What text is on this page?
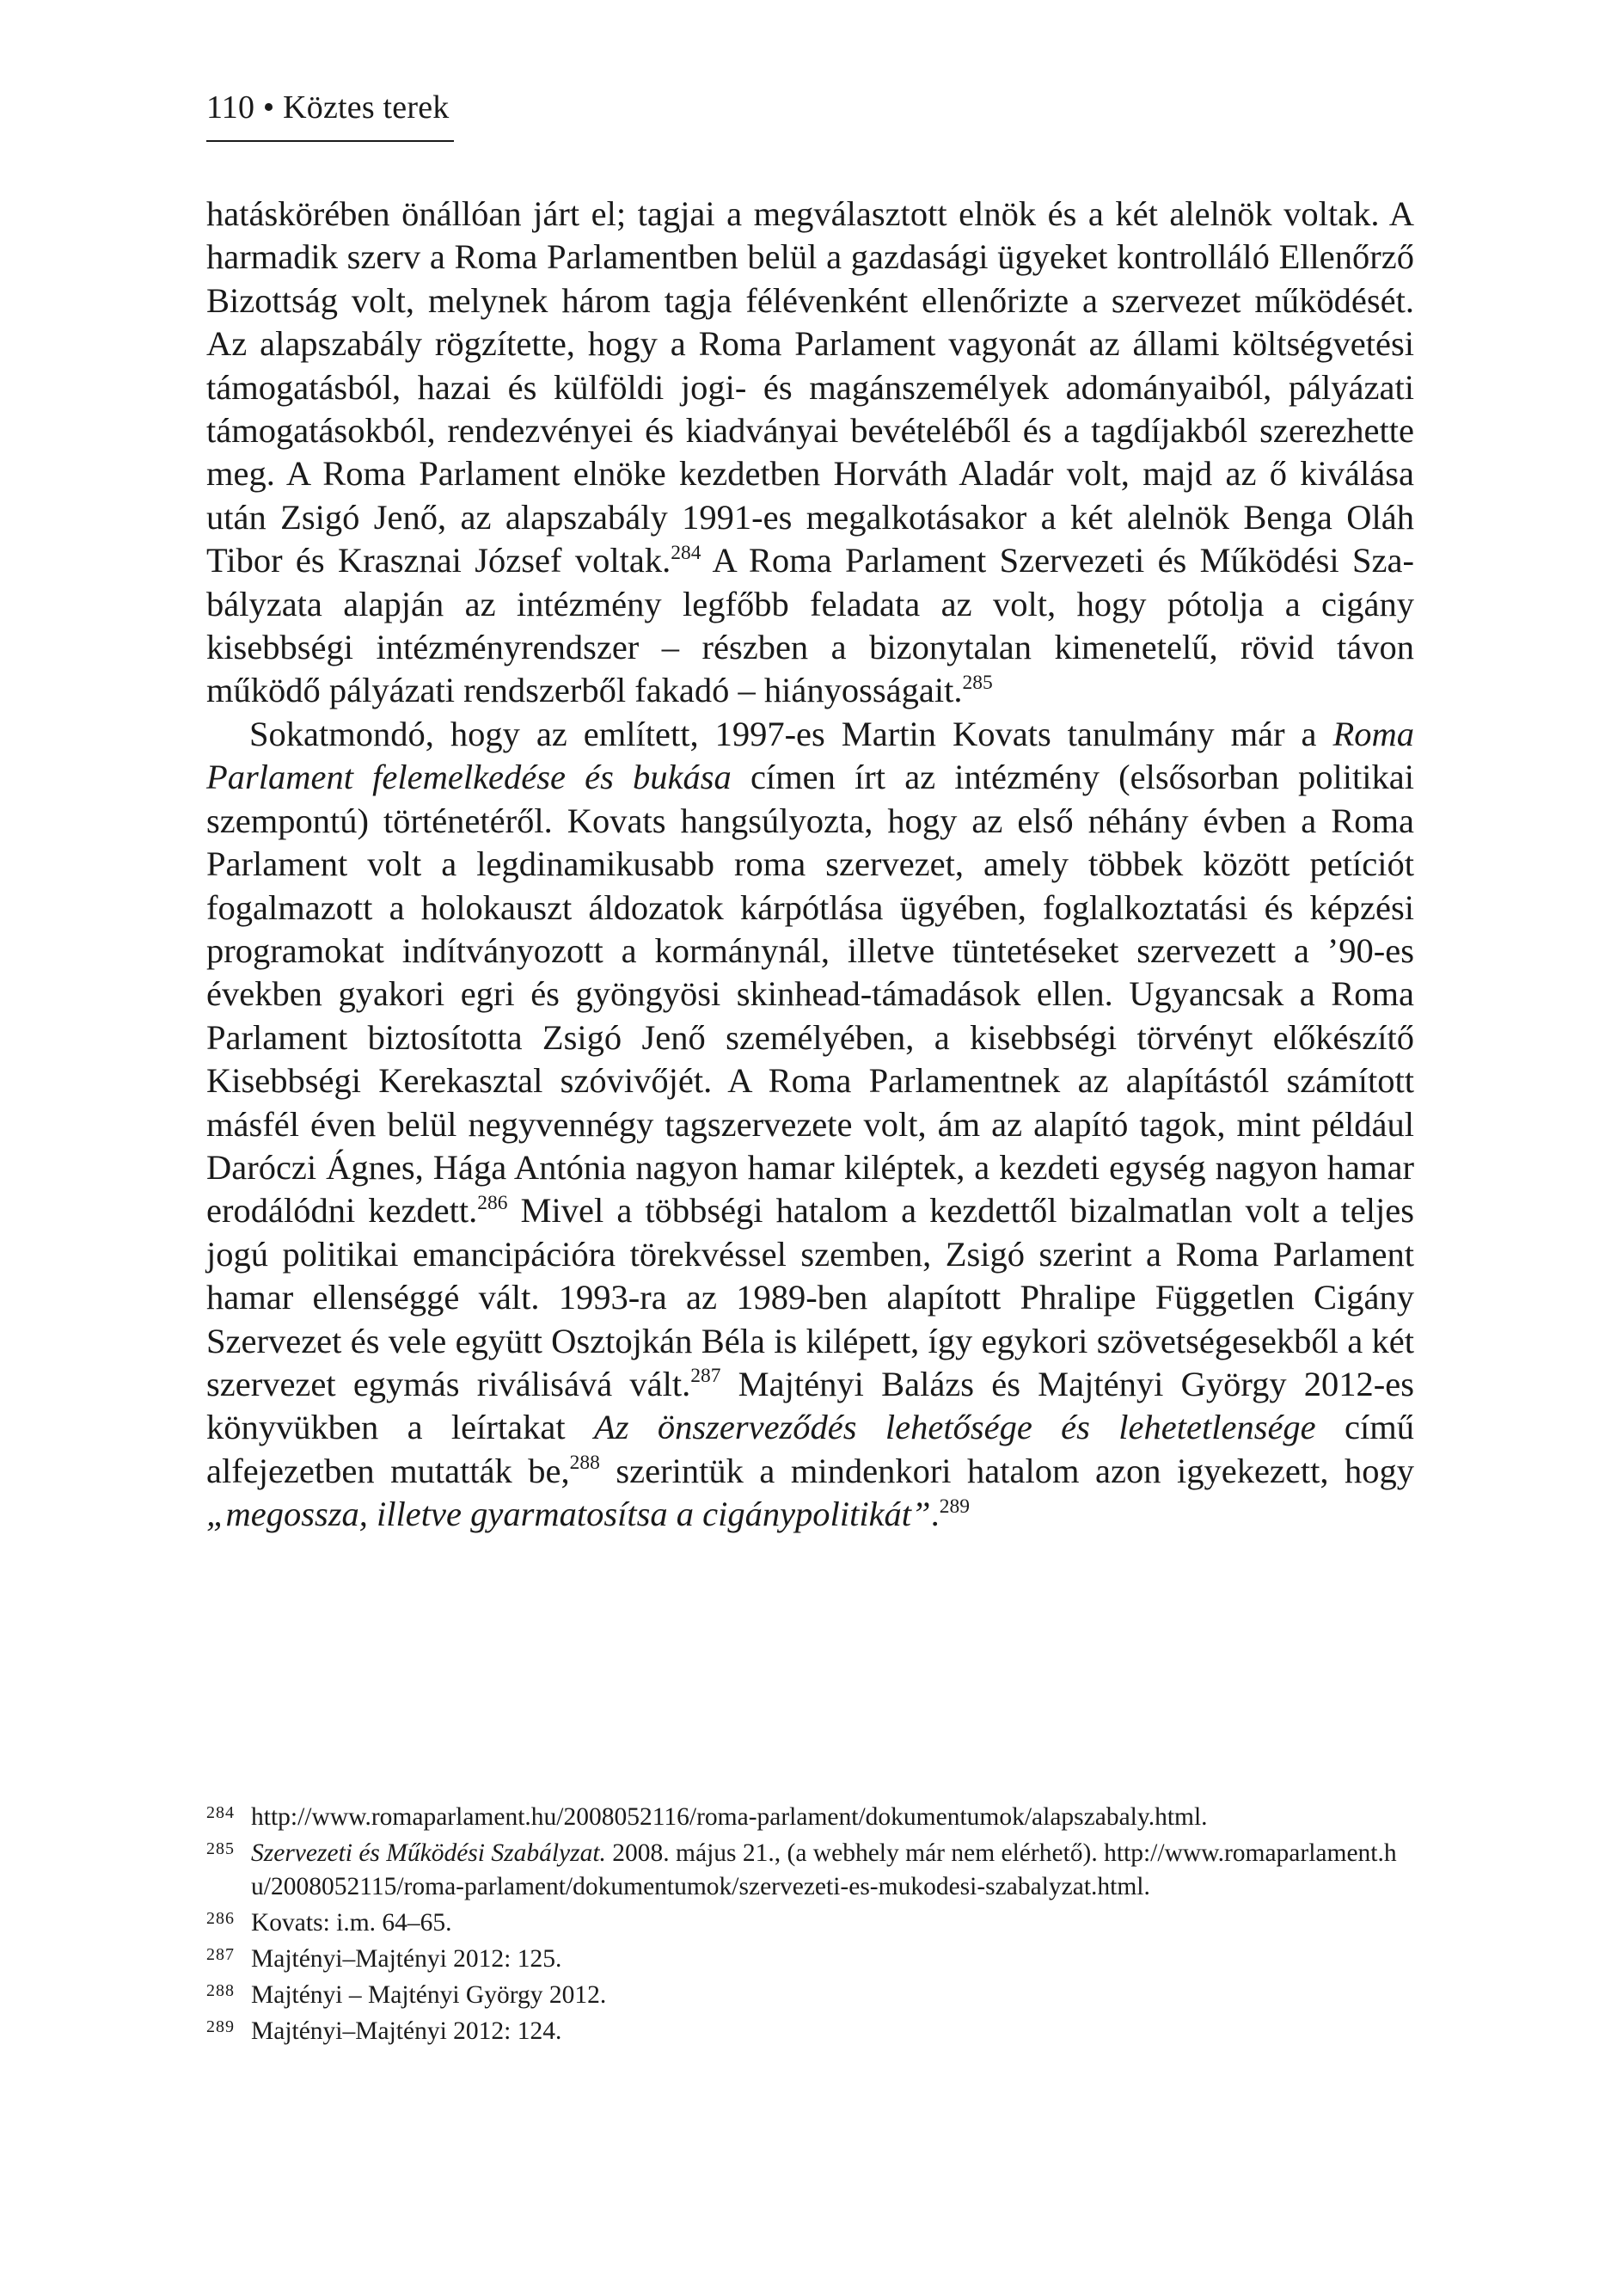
110 • Köztes terek

hatáskörében önállóan járt el; tagjai a megválasztott elnök és a két alelnök voltak. A harmadik szerv a Roma Parlamentben belül a gazdasági ügyeket kontrolláló Ellenőrző Bizottság volt, melynek három tagja félévenként ellenőrizte a szervezet működését. Az alapszabály rögzítette, hogy a Roma Parlament vagyonát az állami költségvetési támogatásból, hazai és külföldi jogi- és magánszemélyek adományaiból, pályázati támogatásokból, rendezvényei és kiadványai bevételéből és a tagdíjakból szerezhette meg. A Roma Parlament elnöke kezdetben Horváth Aladár volt, majd az ő kiválása után Zsigó Jenő, az alapszabály 1991-es megalkotásakor a két alelnök Benga Oláh Tibor és Krasznai József voltak.$^{284}$ A Roma Parlament Szervezeti és Működési Szabályzata alapján az intézmény legfőbb feladata az volt, hogy pótolja a cigány kisebbségi intézményrendszer – részben a bizonytalan kimenetelű, rövid távon működő pályázati rendszerből fakadó – hiányosságait.$^{285}$

Sokatmondó, hogy az említett, 1997-es Martin Kovats tanulmány már a Roma Parlament felemelkedése és bukása címen írt az intézmény (elsősorban politikai szempontú) történetéről. Kovats hangsúlyozta, hogy az első néhány évben a Roma Parlament volt a legdinamikusabb roma szervezet, amely többek között petíciót fogalmazott a holokauszt áldozatok kárpótlása ügyében, foglalkoztatási és képzési programokat indítványozott a kormánynál, illetve tüntetéseket szervezett a ’90-es években gyakori egri és gyöngyösi skinhead-támadások ellen. Ugyancsak a Roma Parlament biztosította Zsigó Jenő személyében, a kisebbségi törvényt előkészítő Kisebbségi Kerekasztal szóvivőjét. A Roma Parlamentnek az alapítástól számított másfél éven belül negyvennégy tagszervezete volt, ám az alapító tagok, mint például Daróczi Ágnes, Hága Antónia nagyon hamar kiléptek, a kezdeti egység nagyon hamar erodálódni kezdett.$^{286}$ Mivel a többségi hatalom a kezdettől bizalmatlan volt a teljes jogú politikai emancipációra törekvéssel szemben, Zsigó szerint a Roma Parlament hamar ellenséggé vált. 1993-ra az 1989-ben alapított Phralipe Független Cigány Szervezet és vele együtt Osztojkán Béla is kilépett, így egykori szövetségesekből a két szervezet egymás riválisává vált.$^{287}$ Majtényi Balázs és Majtényi György 2012-es könyvükben a leírtakat Az önszerveződés lehetősége és lehetetlensége című alfejezetben mutatták be,$^{288}$ szerintük a mindenkori hatalom azon igyekezett, hogy „megossza, illetve gyarmatosítsa a cigánypolitikát”.$^{289}$

284 http://www.romaparlament.hu/2008052116/roma-parlament/dokumentumok/alapszabaly.html.
285 Szervezeti és Működési Szabályzat. 2008. május 21., (a webhely már nem elérhető). http://www.romaparlament.hu/2008052115/roma-parlament/dokumentumok/szervezeti-es-mukodesi-szabalyzat.html.
286 Kovats: i.m. 64–65.
287 Majtényi–Majtényi 2012: 125.
288 Majtényi – Majtényi György 2012.
289 Majtényi–Majtényi 2012: 124.
